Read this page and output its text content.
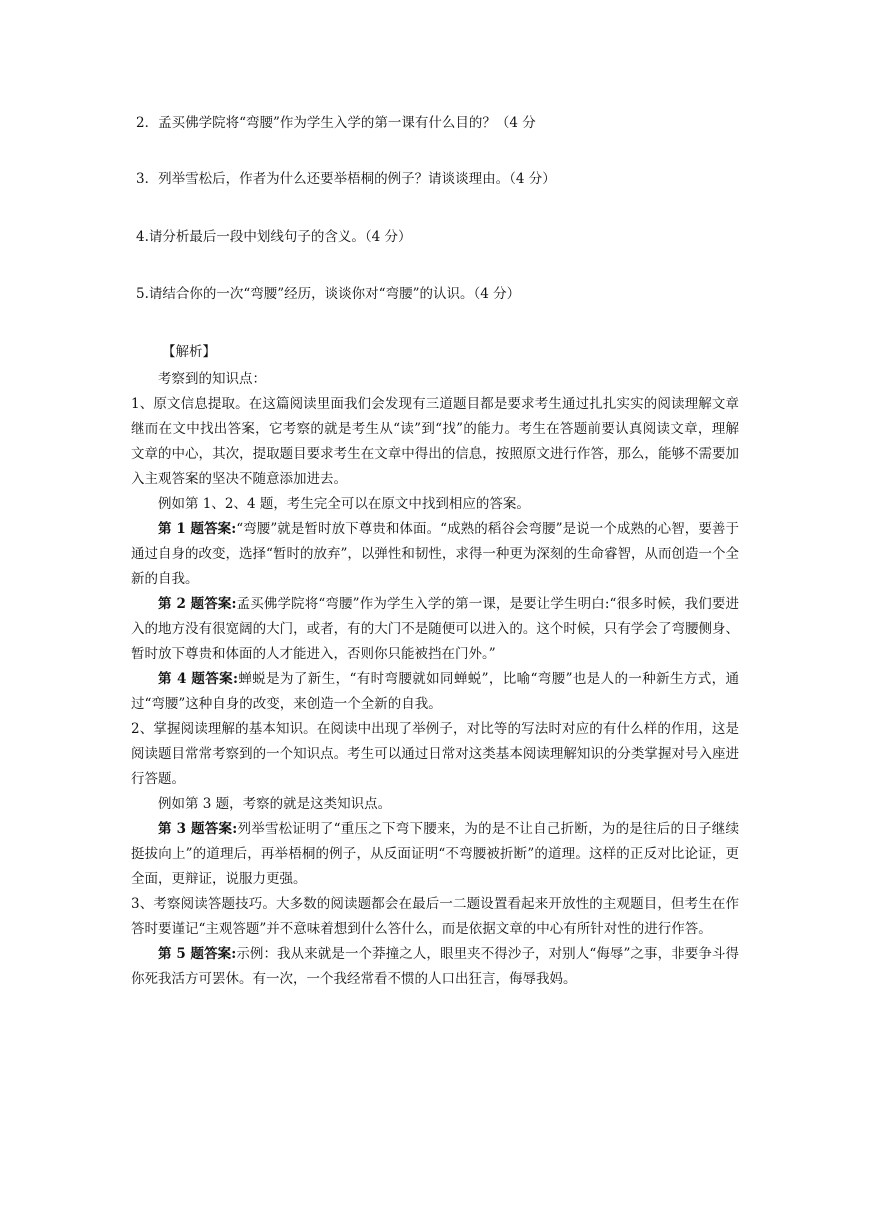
2．孟买佛学院将“弯腰”作为学生入学的第一课有什么目的？（4 分
3．列举雪松后，作者为什么还要举梧桐的例子？请谈谈理由。（4 分）
4.请分析最后一段中划线句子的含义。（4 分）
5.请结合你的一次“弯腰”经历，谈谈你对“弯腰”的认识。（4 分）
【解析】
考察到的知识点：
1、原文信息提取。在这篇阅读里面我们会发现有三道题目都是要求考生通过扎扎实实的阅读理解文章继而在文中找出答案，它考察的就是考生从“读”到“找”的能力。考生在答题前要认真阅读文章，理解文章的中心，其次，提取题目要求考生在文章中得出的信息，按照原文进行作答，那么，能够不需要加入主观答案的坚决不随意添加进去。
例如第 1、2、4 题，考生完全可以在原文中找到相应的答案。
第 1 题答案:“弯腰”就是暂时放下尊贵和体面。“成熟的稻谷会弯腰”是说一个成熟的心智，要善于通过自身的改变，选择“暂时的放弃”，以弹性和韧性，求得一种更为深刻的生命睿智，从而创造一个全新的自我。
第 2 题答案:孟买佛学院将“弯腰”作为学生入学的第一课，是要让学生明白:“很多时候，我们要进入的地方没有很宽阔的大门，或者，有的大门不是随便可以进入的。这个时候，只有学会了弯腰侧身、暂时放下尊贵和体面的人才能进入，否则你只能被挡在门外。”
第 4 题答案:蝉蜕是为了新生，“有时弯腰就如同蝉蜕”，比喻“弯腰”也是人的一种新生方式，通过“弯腰”这种自身的改变，来创造一个全新的自我。
2、掌握阅读理解的基本知识。在阅读中出现了举例子，对比等的写法时对应的有什么样的作用，这是阅读题目常常考察到的一个知识点。考生可以通过日常对这类基本阅读理解知识的分类掌握对号入座进行答题。
例如第 3 题，考察的就是这类知识点。
第 3 题答案:列举雪松证明了“重压之下弯下腰来，为的是不让自己折断，为的是往后的日子继续挺拔向上”的道理后，再举梧桐的例子，从反面证明“不弯腰被折断”的道理。这样的正反对比论证，更全面，更辩证，说服力更强。
3、考察阅读答题技巧。大多数的阅读题都会在最后一二题设置看起来开放性的主观题目，但考生在作答时要谨记“主观答题”并不意味着想到什么答什么，而是依据文章的中心有所针对性的进行作答。
第 5 题答案:示例：我从来就是一个莽撞之人，眼里夹不得沙子，对别人“侮辱”之事，非要争斗得你死我活方可罢休。有一次，一个我经常看不惯的人口出狂言，侮辱我妈。
